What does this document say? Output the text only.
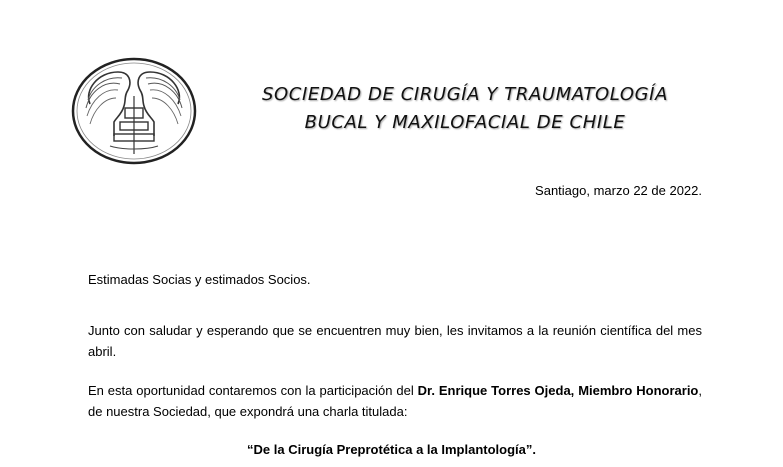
SOCIEDAD DE CIRUGÍA Y TRAUMATOLOGÍA
BUCAL Y MAXILOFACIAL DE CHILE
Santiago, marzo 22 de 2022.
Estimadas Socias y estimados Socios.
Junto con saludar y esperando que se encuentren muy bien, les invitamos a la reunión científica del mes abril.
En esta oportunidad contaremos con la participación del Dr. Enrique Torres Ojeda, Miembro Honorario, de nuestra Sociedad, que expondrá una charla titulada:
“De la Cirugía Preprotética a la Implantología”.
